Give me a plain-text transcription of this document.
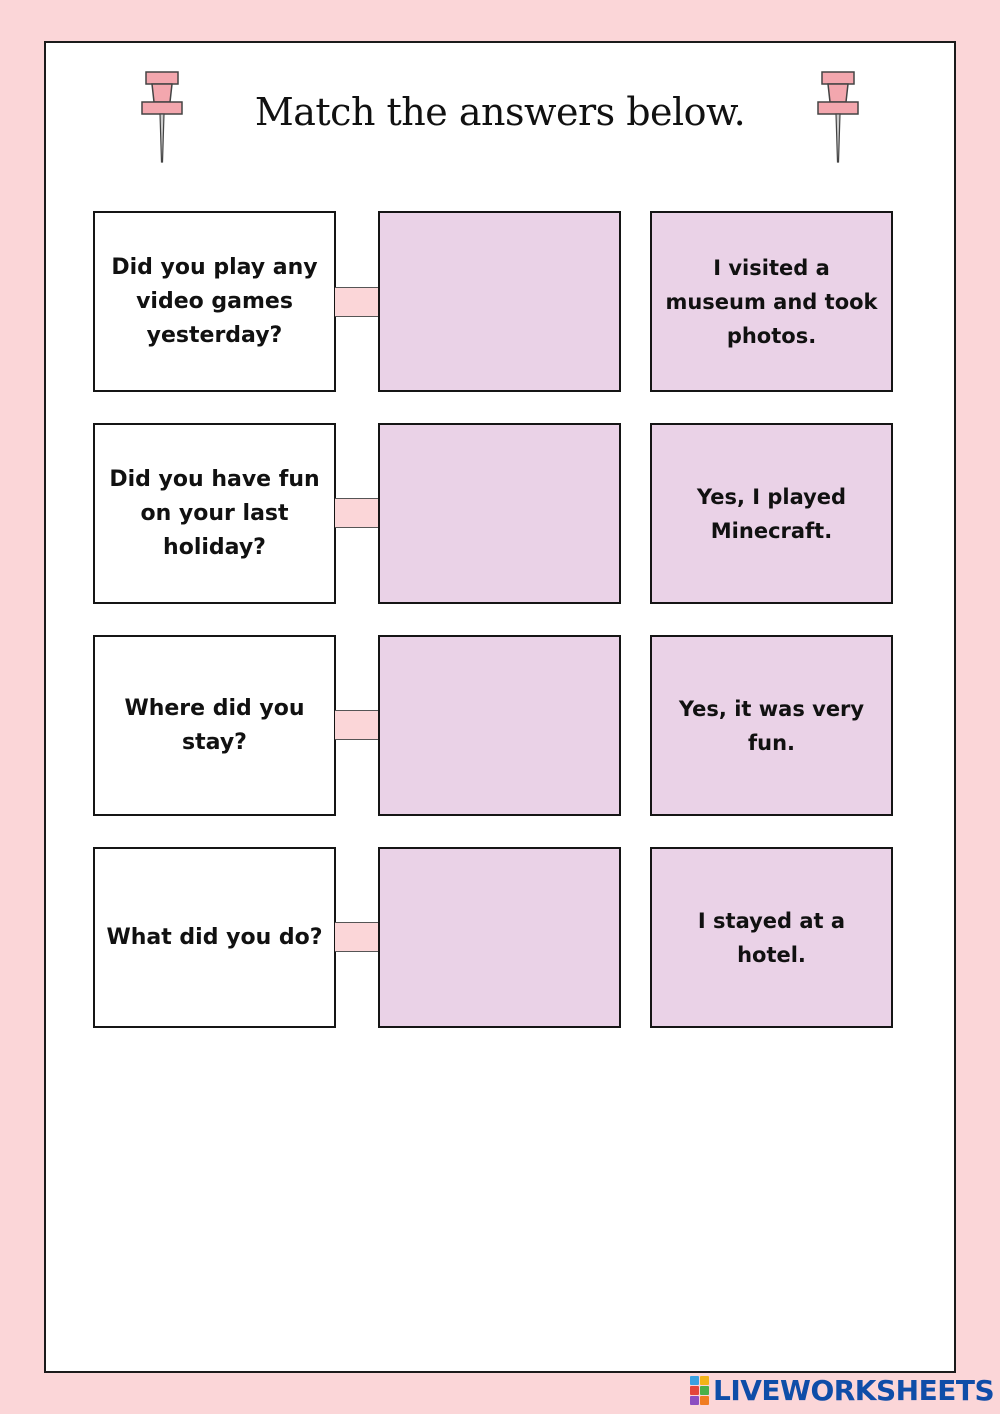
Match the answers below.
Did you play any video games yesterday?
I visited a museum and took photos.
Did you have fun on your last holiday?
Yes, I played Minecraft.
Where did you stay?
Yes, it was very fun.
What did you do?
I stayed at a hotel.
LIVEWORKSHEETS
